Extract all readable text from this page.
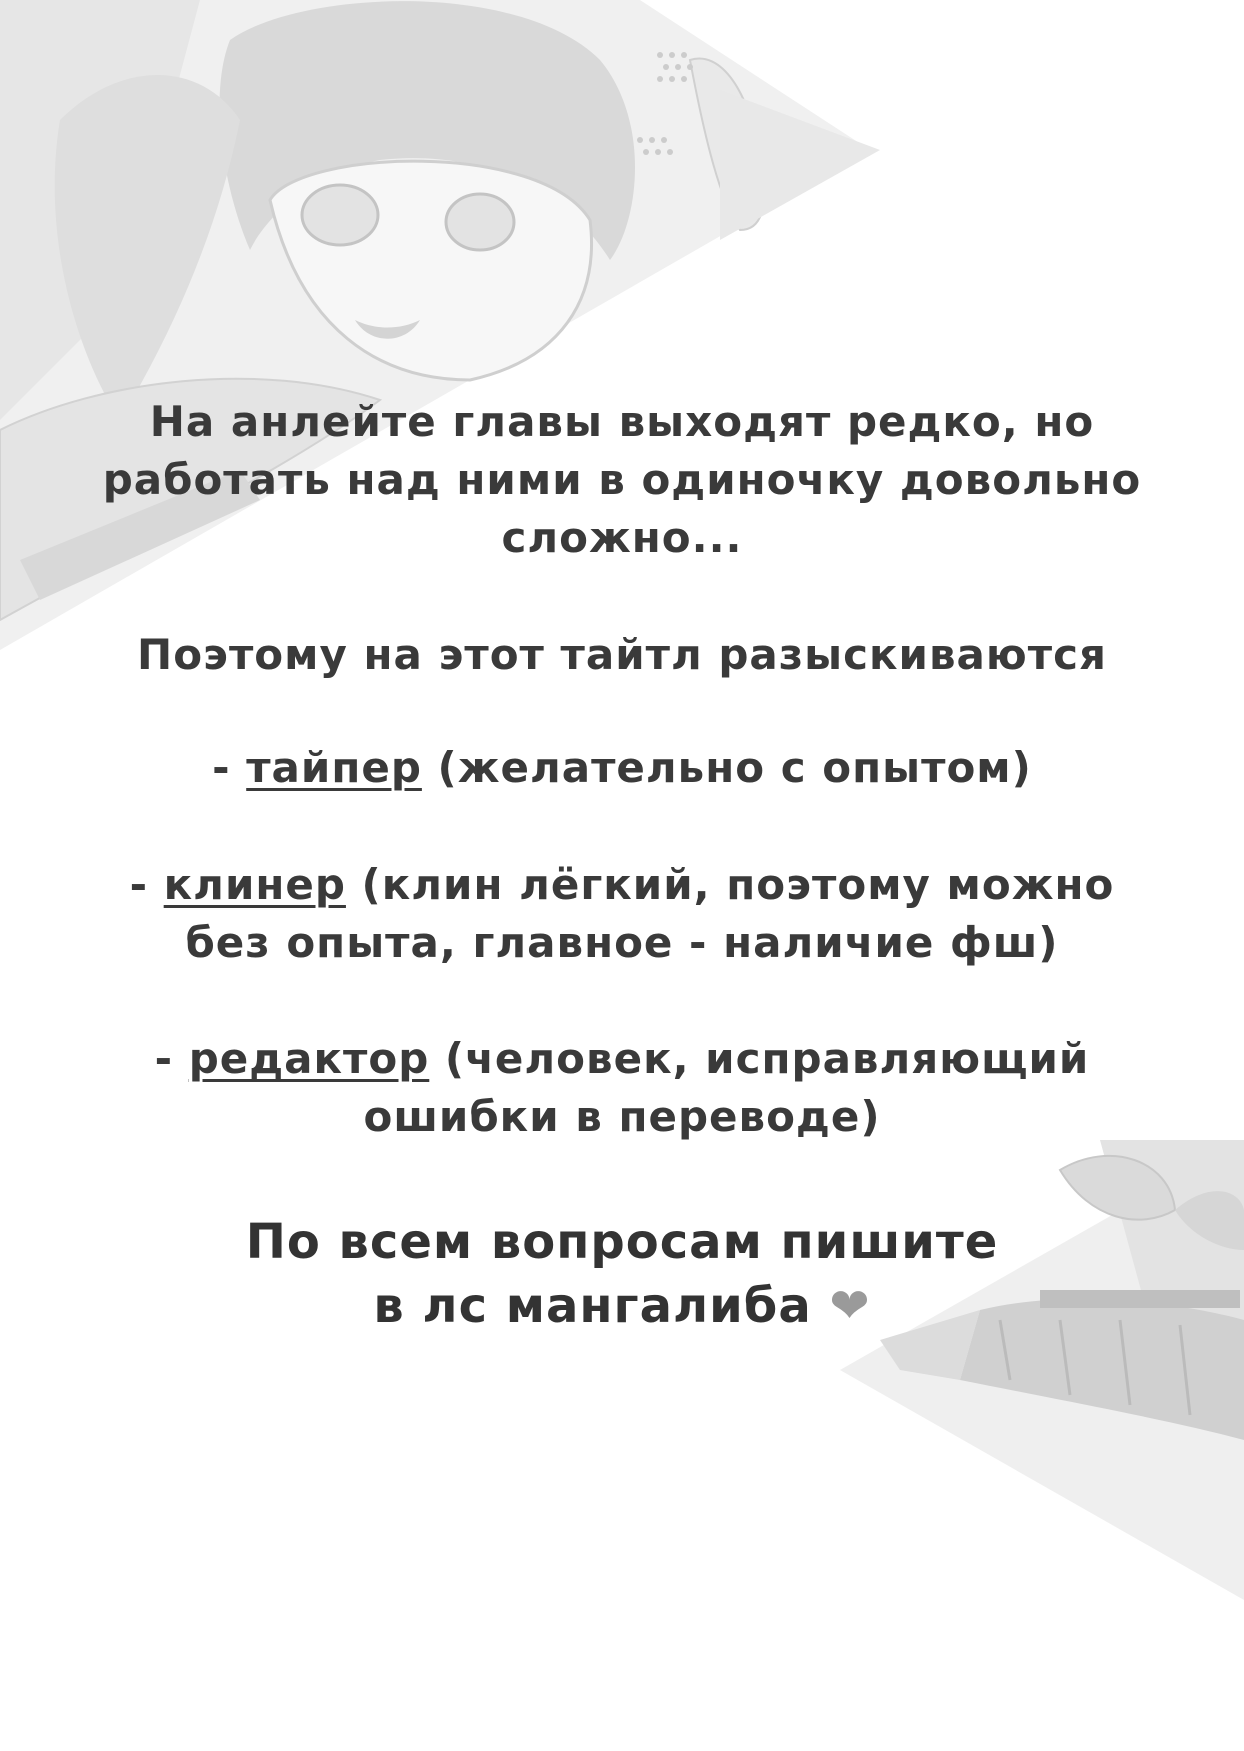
На анлейте главы выходят редко, но
работать над ними в одиночку довольно
сложно...

Поэтому на этот тайтл разыскиваются

- тайпер (желательно с опытом)

- клинер (клин лёгкий, поэтому можно
без опыта, главное - наличие фш)

- редактор (человек, исправляющий
ошибки в переводе)

По всем вопросам пишите
в лс мангалиба ❤
